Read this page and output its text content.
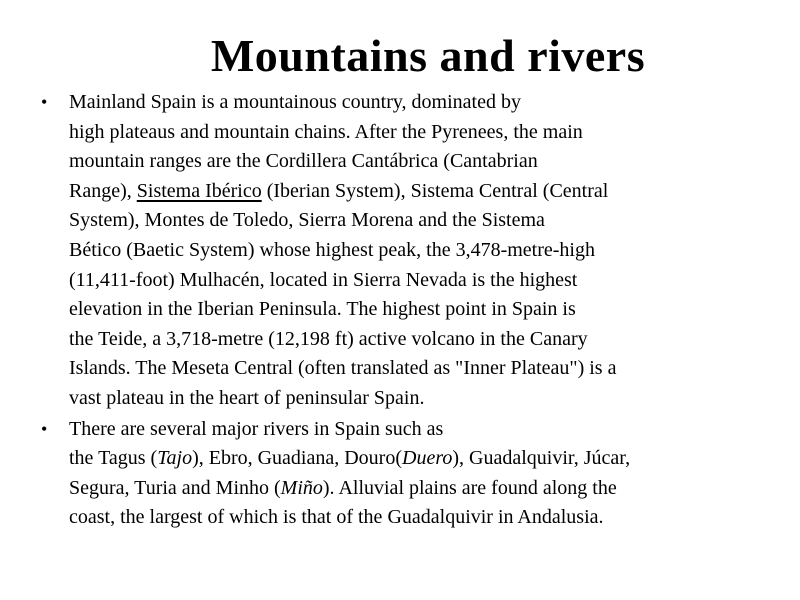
Mountains and rivers
• Mainland Spain is a mountainous country, dominated by
high plateaus and mountain chains. After the Pyrenees, the main
mountain ranges are the Cordillera Cantábrica (Cantabrian
Range), Sistema Ibérico (Iberian System), Sistema Central (Central
System), Montes de Toledo, Sierra Morena and the Sistema
Bético (Baetic System) whose highest peak, the 3,478-metre-high
(11,411-foot) Mulhacén, located in Sierra Nevada is the highest
elevation in the Iberian Peninsula. The highest point in Spain is
the Teide, a 3,718-metre (12,198 ft) active volcano in the Canary
Islands. The Meseta Central (often translated as "Inner Plateau") is a
vast plateau in the heart of peninsular Spain.
• There are several major rivers in Spain such as
the Tagus (Tajo), Ebro, Guadiana, Douro(Duero), Guadalquivir, Júcar,
Segura, Turia and Minho (Miño). Alluvial plains are found along the
coast, the largest of which is that of the Guadalquivir in Andalusia.
